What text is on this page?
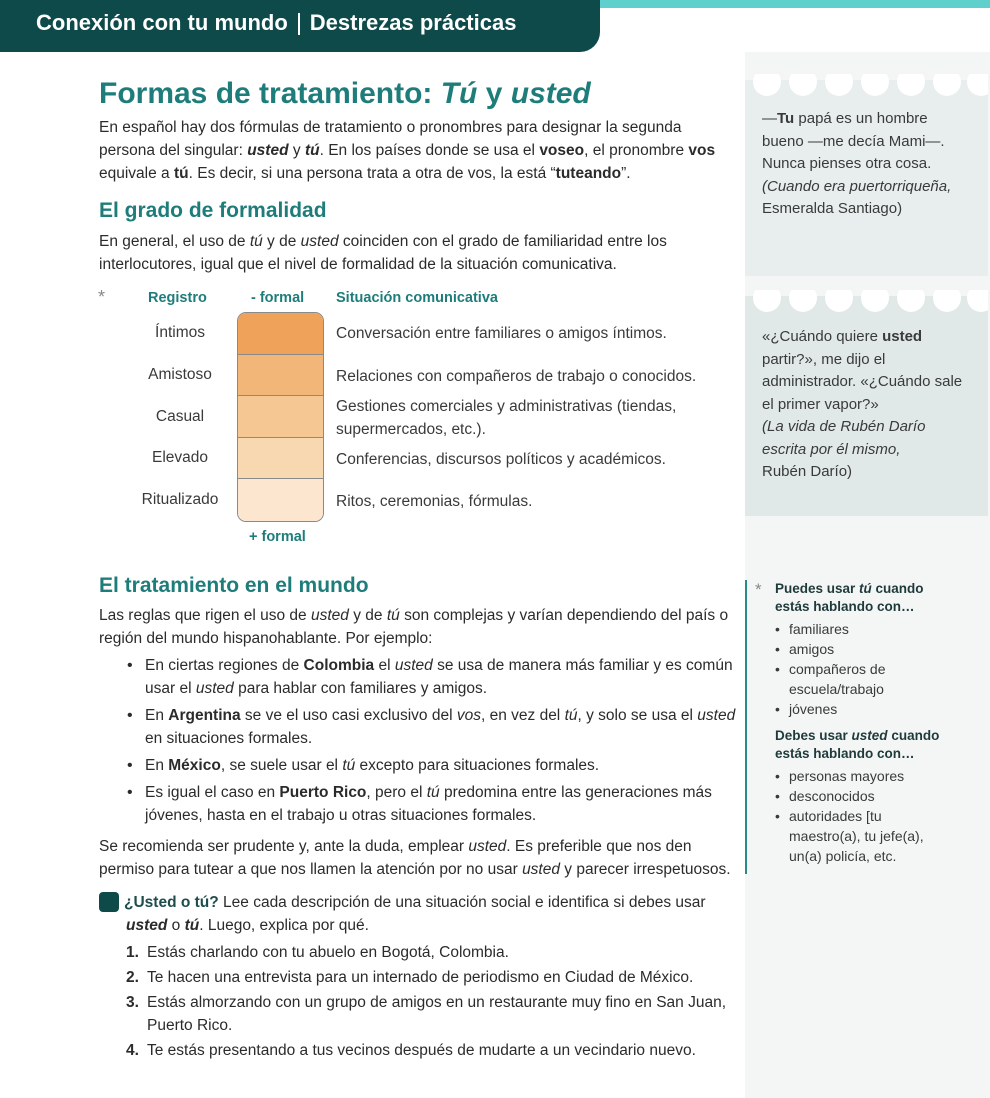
Conexión con tu mundo Destrezas prácticas
—Tu papá es un hombre bueno —me decía Mami—. Nunca pienses otra cosa.
(Cuando era puertorriqueña,
Esmeralda Santiago)
«¿Cuándo quiere usted partir?», me dijo el administrador. «¿Cuándo sale el primer vapor?»
(La vida de Rubén Darío escrita por él mismo,
Rubén Darío)
* Puedes usar tú cuando estás hablando con…
• familiares
• amigos
• compañeros de escuela/trabajo
• jóvenes
Debes usar usted cuando estás hablando con…
• personas mayores
• desconocidos
• autoridades [tu maestro(a), tu jefe(a), un(a) policía, etc.
Formas de tratamiento: Tú y usted
En español hay dos fórmulas de tratamiento o pronombres para designar la segunda persona del singular: usted y tú. En los países donde se usa el voseo, el pronombre vos equivale a tú. Es decir, si una persona trata a otra de vos, la está “tuteando”.
El grado de formalidad
En general, el uso de tú y de usted coinciden con el grado de familiaridad entre los interlocutores, igual que el nivel de formalidad de la situación comunicativa.
*	Registro	- formal Situación comunicativa
Íntimos
Amistoso
Casual
Elevado
Ritualizado
Conversación entre familiares o amigos íntimos.
Relaciones con compañeros de trabajo o conocidos.
Gestiones comerciales y administrativas (tiendas, supermercados, etc.).
Conferencias, discursos políticos y académicos.
Ritos, ceremonias, fórmulas.
+ formal
El tratamiento en el mundo
Las reglas que rigen el uso de usted y de tú son complejas y varían dependiendo del país o región del mundo hispanohablante. Por ejemplo:
• En ciertas regiones de Colombia el usted se usa de manera más familiar y es común usar el usted para hablar con familiares y amigos.
• En Argentina se ve el uso casi exclusivo del vos, en vez del tú, y solo se usa el usted en situaciones formales.
• En México, se suele usar el tú excepto para situaciones formales.
• Es igual el caso en Puerto Rico, pero el tú predomina entre las generaciones más jóvenes, hasta en el trabajo u otras situaciones formales.
Se recomienda ser prudente y, ante la duda, emplear usted. Es preferible que nos den permiso para tutear a que nos llamen la atención por no usar usted y parecer irrespetuosos.
1 ¿Usted o tú? Lee cada descripción de una situación social e identifica si debes usar usted o tú. Luego, explica por qué.
1. Estás charlando con tu abuelo en Bogotá, Colombia.
2. Te hacen una entrevista para un internado de periodismo en Ciudad de México.
3. Estás almorzando con un grupo de amigos en un restaurante muy fino en San Juan, Puerto Rico.
4. Te estás presentando a tus vecinos después de mudarte a un vecindario nuevo.
